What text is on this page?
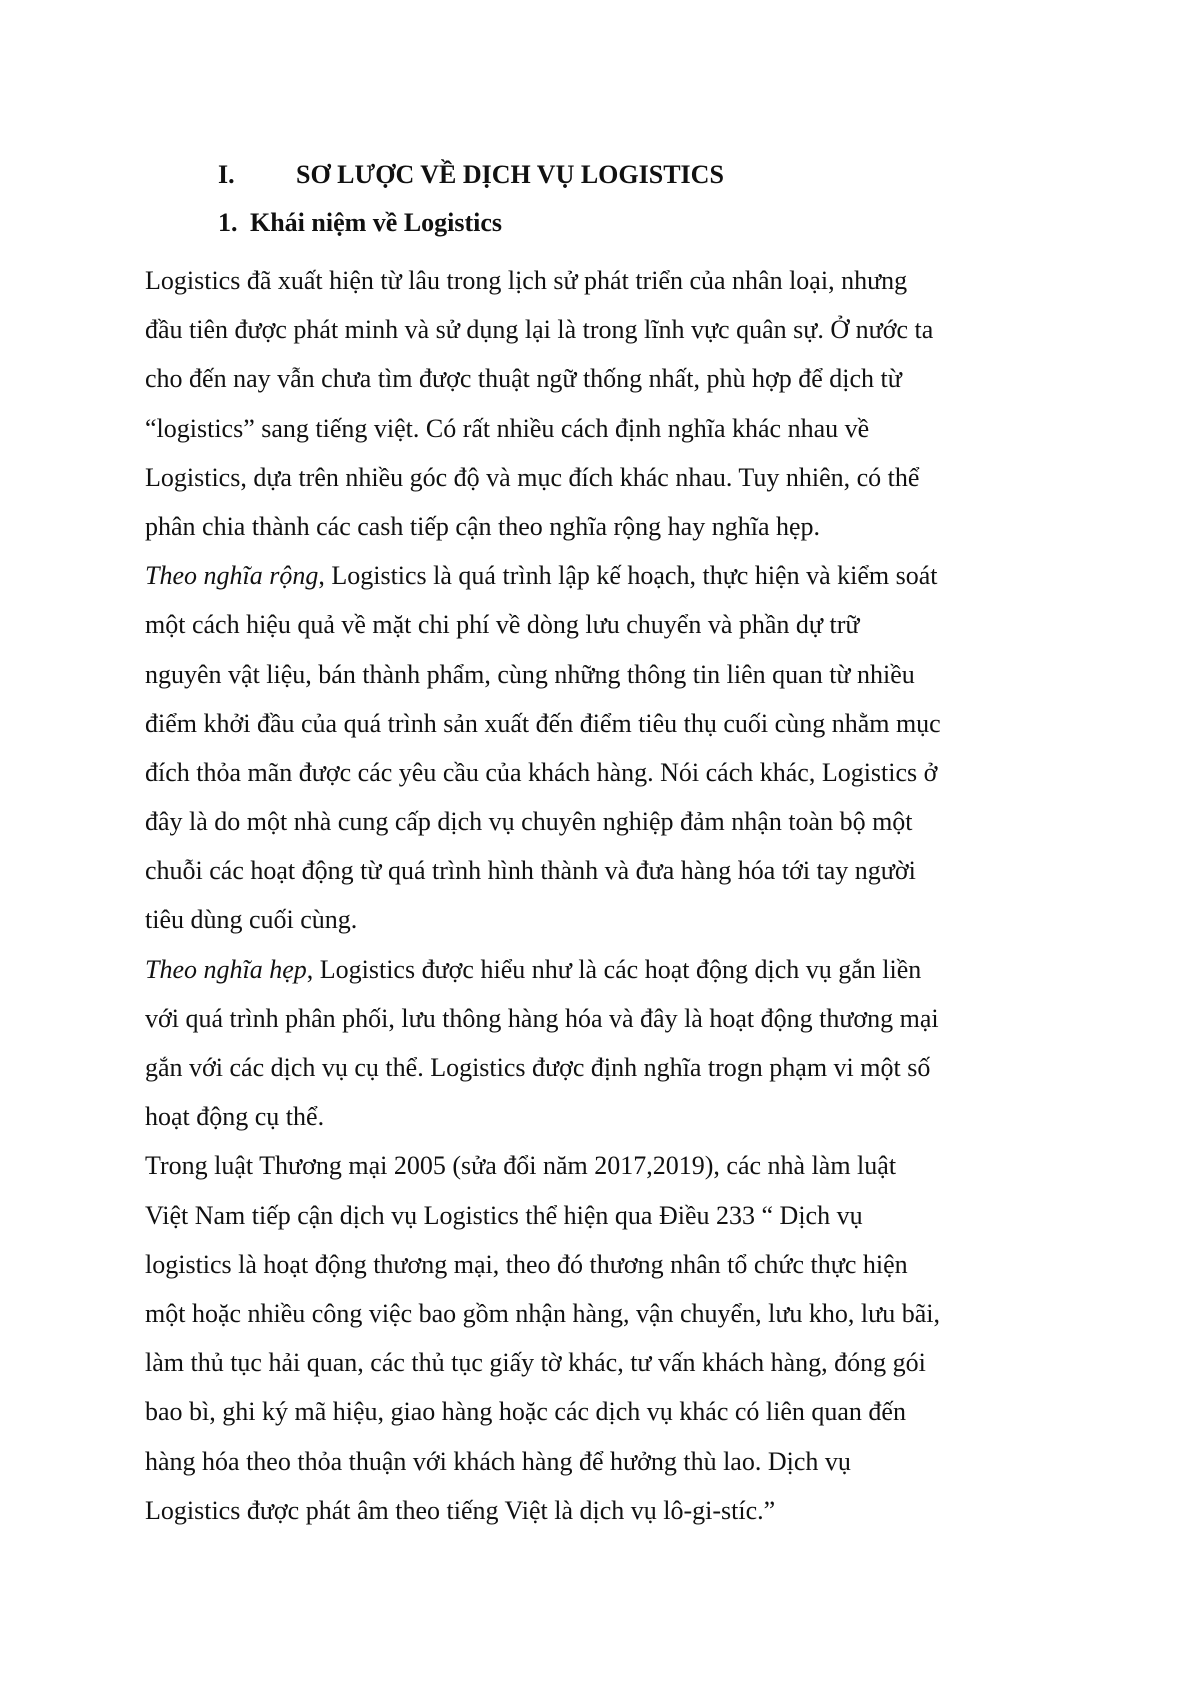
I. SƠ LƯỢC VỀ DỊCH VỤ LOGISTICS
1. Khái niệm về Logistics
Logistics đã xuất hiện từ lâu trong lịch sử phát triển của nhân loại, nhưng
đầu tiên được phát minh và sử dụng lại là trong lĩnh vực quân sự. Ở nước ta
cho đến nay vẫn chưa tìm được thuật ngữ thống nhất, phù hợp để dịch từ
“logistics” sang tiếng việt. Có rất nhiều cách định nghĩa khác nhau về
Logistics, dựa trên nhiều góc độ và mục đích khác nhau. Tuy nhiên, có thể
phân chia thành các cash tiếp cận theo nghĩa rộng hay nghĩa hẹp.
Theo nghĩa rộng, Logistics là quá trình lập kế hoạch, thực hiện và kiểm soát
một cách hiệu quả về mặt chi phí về dòng lưu chuyển và phần dự trữ
nguyên vật liệu, bán thành phẩm, cùng những thông tin liên quan từ nhiều
điểm khởi đầu của quá trình sản xuất đến điểm tiêu thụ cuối cùng nhằm mục
đích thỏa mãn được các yêu cầu của khách hàng. Nói cách khác, Logistics ở
đây là do một nhà cung cấp dịch vụ chuyên nghiệp đảm nhận toàn bộ một
chuỗi các hoạt động từ quá trình hình thành và đưa hàng hóa tới tay người
tiêu dùng cuối cùng.
Theo nghĩa hẹp, Logistics được hiểu như là các hoạt động dịch vụ gắn liền
với quá trình phân phối, lưu thông hàng hóa và đây là hoạt động thương mại
gắn với các dịch vụ cụ thể. Logistics được định nghĩa trogn phạm vi một số
hoạt động cụ thể.
Trong luật Thương mại 2005 (sửa đổi năm 2017,2019), các nhà làm luật
Việt Nam tiếp cận dịch vụ Logistics thể hiện qua Điều 233 “ Dịch vụ
logistics là hoạt động thương mại, theo đó thương nhân tổ chức thực hiện
một hoặc nhiều công việc bao gồm nhận hàng, vận chuyển, lưu kho, lưu bãi,
làm thủ tục hải quan, các thủ tục giấy tờ khác, tư vấn khách hàng, đóng gói
bao bì, ghi ký mã hiệu, giao hàng hoặc các dịch vụ khác có liên quan đến
hàng hóa theo thỏa thuận với khách hàng để hưởng thù lao. Dịch vụ
Logistics được phát âm theo tiếng Việt là dịch vụ lô-gi-stíc.”
